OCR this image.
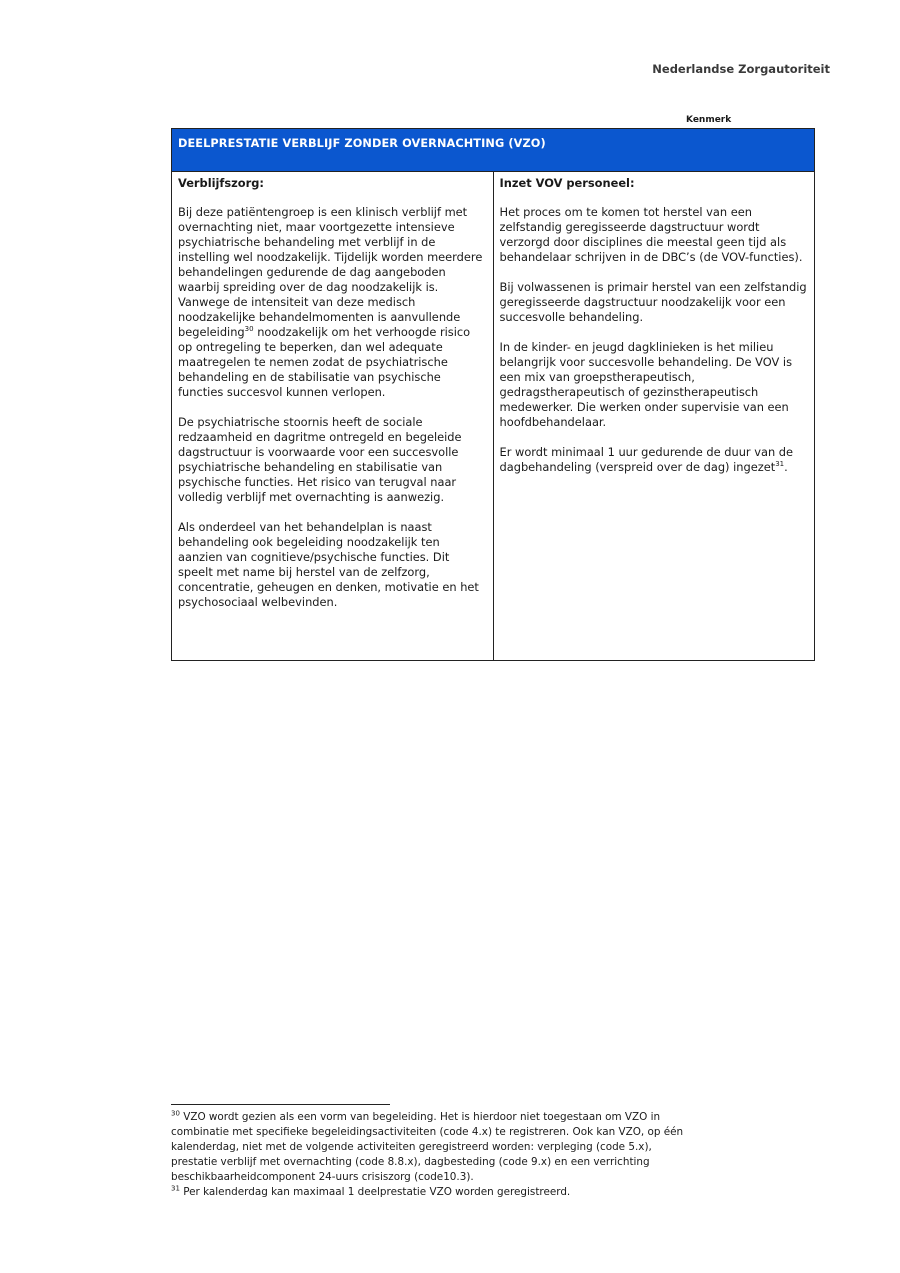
Nederlandse Zorgautoriteit
Kenmerk
DEELPRESTATIE VERBLIJF ZONDER OVERNACHTING (VZO)

Verblijfszorg:

Bij deze patiëntengroep is een klinisch verblijf met overnachting niet, maar voortgezette intensieve psychiatrische behandeling met verblijf in de instelling wel noodzakelijk. Tijdelijk worden meerdere behandelingen gedurende de dag aangeboden waarbij spreiding over de dag noodzakelijk is.

Vanwege de intensiteit van deze medisch noodzakelijke behandelmomenten is aanvullende begeleiding$^{30}$ noodzakelijk om het verhoogde risico op ontregeling te beperken, dan wel adequate maatregelen te nemen zodat de psychiatrische behandeling en de stabilisatie van psychische functies succesvol kunnen verlopen.

De psychiatrische stoornis heeft de sociale redzaamheid en dagritme ontregeld en begeleide dagstructuur is voorwaarde voor een succesvolle psychiatrische behandeling en stabilisatie van psychische functies. Het risico van terugval naar volledig verblijf met overnachting is aanwezig.

Als onderdeel van het behandelplan is naast behandeling ook begeleiding noodzakelijk ten aanzien van cognitieve/psychische functies. Dit speelt met name bij herstel van de zelfzorg, concentratie, geheugen en denken, motivatie en het psychosociaal welbevinden.

Inzet VOV personeel:

Het proces om te komen tot herstel van een zelfstandig geregisseerde dagstructuur wordt verzorgd door disciplines die meestal geen tijd als behandelaar schrijven in de DBC’s (de VOV-functies).

Bij volwassenen is primair herstel van een zelfstandig geregisseerde dagstructuur noodzakelijk voor een succesvolle behandeling.

In de kinder- en jeugd dagklinieken is het milieu belangrijk voor succesvolle behandeling. De VOV is een mix van groepstherapeutisch, gedragstherapeutisch of gezinstherapeutisch medewerker. Die werken onder supervisie van een hoofdbehandelaar.

Er wordt minimaal 1 uur gedurende de duur van de dagbehandeling (verspreid over de dag) ingezet$^{31}$.

$^{30}$ VZO wordt gezien als een vorm van begeleiding. Het is hierdoor niet toegestaan om VZO in combinatie met specifieke begeleidingsactiviteiten (code 4.x) te registreren. Ook kan VZO, op één kalenderdag, niet met de volgende activiteiten geregistreerd worden: verpleging (code 5.x), prestatie verblijf met overnachting (code 8.8.x), dagbesteding (code 9.x) en een verrichting beschikbaarheidcomponent 24-uurs crisiszorg (code10.3).

$^{31}$ Per kalenderdag kan maximaal 1 deelprestatie VZO worden geregistreerd.
